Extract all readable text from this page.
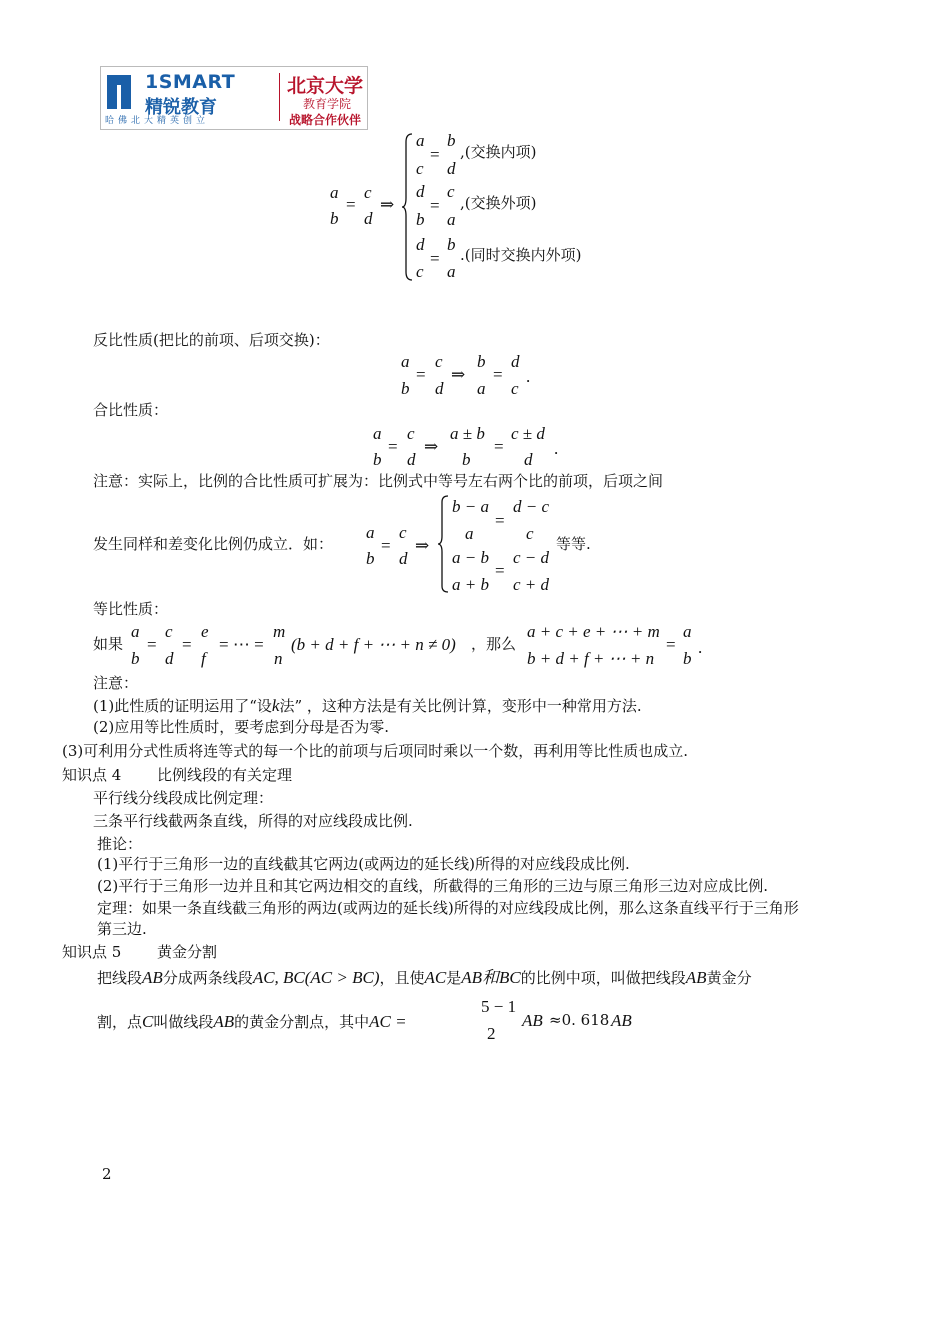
1SMART
精锐教育
哈佛北大精英创立
北京大学
教育学院
战略合作伙伴
a
b
=
c
d
⇒
a
c
=
b
d
,(交换内项)
d
b
=
c
a
,(交换外项)
d
c
=
b
a
.(同时交换内外项)
反比性质(把比的前项、后项交换)：
a
b
=
c
d
⇒
b
a
=
d
c
.
合比性质：
a
b
=
c
d
⇒
a ± b
b
=
c ± d
d
.
注意：实际上，比例的合比性质可扩展为：比例式中等号左右两个比的前项，后项之间
发生同样和差变化比例仍成立．如：
a
b
=
c
d
⇒
b − a
a
=
d − c
c
a − b
a + b
=
c − d
c + d
等等.
等比性质：
如果
a
b
=
c
d
=
e
f
= ⋯ =
m
n
(b + d + f + ⋯ + n ≠ 0) ，那么
a + c + e + ⋯ + m
b + d + f + ⋯ + n
=
a
b
.
注意：
(1)此性质的证明运用了“设k法” ，这种方法是有关比例计算，变形中一种常用方法.
(2)应用等比性质时，要考虑到分母是否为零.
(3)可利用分式性质将连等式的每一个比的前项与后项同时乘以一个数，再利用等比性质也成立.
知识点 4 比例线段的有关定理
平行线分线段成比例定理：
三条平行线截两条直线，所得的对应线段成比例.
推论：
(1)平行于三角形一边的直线截其它两边(或两边的延长线)所得的对应线段成比例.
(2)平行于三角形一边并且和其它两边相交的直线，所截得的三角形的三边与原三角形三边对应成比例.
定理：如果一条直线截三角形的两边(或两边的延长线)所得的对应线段成比例，那么这条直线平行于三角形
第三边.
知识点 5 黄金分割
把线段AB分成两条线段AC, BC(AC > BC)，且使AC是AB和BC的比例中项，叫做把线段AB黄金分
割，点C叫做线段AB的黄金分割点，其中AC =
5 − 1
2
AB ≈0. 618 AB
2
